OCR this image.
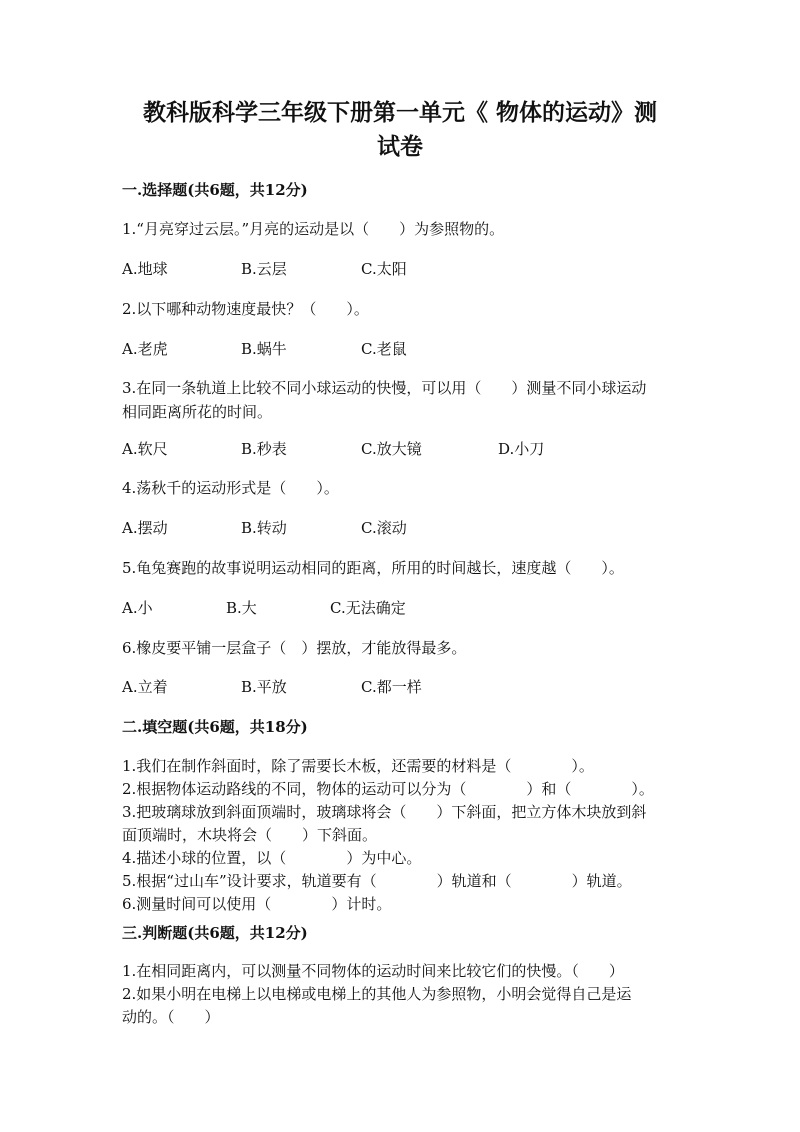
教科版科学三年级下册第一单元《 物体的运动》测
试卷
一.选择题(共6题，共12分)
1.“月亮穿过云层。”月亮的运动是以（　　）为参照物的。
A.地球	B.云层	C.太阳
2.以下哪种动物速度最快？（　　）。
A.老虎	B.蜗牛	C.老鼠
3.在同一条轨道上比较不同小球运动的快慢，可以用（　　）测量不同小球运动
相同距离所花的时间。
A.软尺	B.秒表	C.放大镜	D.小刀
4.荡秋千的运动形式是（　　）。
A.摆动	B.转动	C.滚动
5.龟兔赛跑的故事说明运动相同的距离，所用的时间越长，速度越（　　）。
A.小	B.大	C.无法确定
6.橡皮要平铺一层盒子（　）摆放，才能放得最多。
A.立着	B.平放	C.都一样
二.填空题(共6题，共18分)
1.我们在制作斜面时，除了需要长木板，还需要的材料是（　　　　）。
2.根据物体运动路线的不同，物体的运动可以分为（　　　　）和（　　　　）。
3.把玻璃球放到斜面顶端时，玻璃球将会（　　）下斜面，把立方体木块放到斜
面顶端时，木块将会（　　）下斜面。
4.描述小球的位置，以（　　　　）为中心。
5.根据“过山车”设计要求，轨道要有（　　　　）轨道和（　　　　）轨道。
6.测量时间可以使用（　　　　）计时。
三.判断题(共6题，共12分)
1.在相同距离内，可以测量不同物体的运动时间来比较它们的快慢。（　　）
2.如果小明在电梯上以电梯或电梯上的其他人为参照物，小明会觉得自己是运
动的。（　　）
